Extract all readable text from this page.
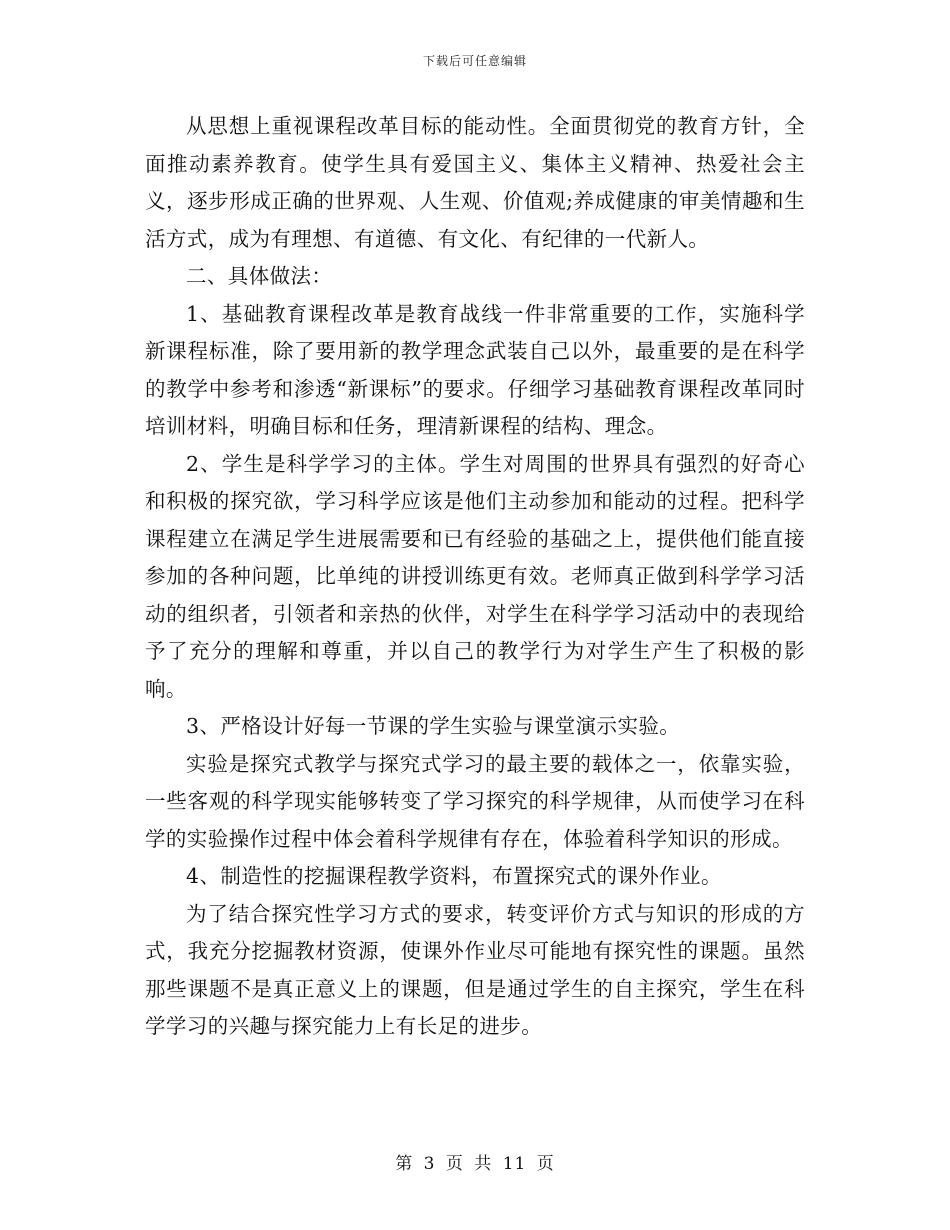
下载后可任意编辑

从思想上重视课程改革目标的能动性。全面贯彻党的教育方针，全面推动素养教育。使学生具有爱国主义、集体主义精神、热爱社会主义，逐步形成正确的世界观、人生观、价值观;养成健康的审美情趣和生活方式，成为有理想、有道德、有文化、有纪律的一代新人。

二、具体做法：

1、基础教育课程改革是教育战线一件非常重要的工作，实施科学新课程标准，除了要用新的教学理念武装自己以外，最重要的是在科学的教学中参考和渗透“新课标”的要求。仔细学习基础教育课程改革同时培训材料，明确目标和任务，理清新课程的结构、理念。

2、学生是科学学习的主体。学生对周围的世界具有强烈的好奇心和积极的探究欲，学习科学应该是他们主动参加和能动的过程。把科学课程建立在满足学生进展需要和已有经验的基础之上，提供他们能直接参加的各种问题，比单纯的讲授训练更有效。老师真正做到科学学习活动的组织者，引领者和亲热的伙伴，对学生在科学学习活动中的表现给予了充分的理解和尊重，并以自己的教学行为对学生产生了积极的影响。

3、严格设计好每一节课的学生实验与课堂演示实验。

实验是探究式教学与探究式学习的最主要的载体之一，依靠实验，一些客观的科学现实能够转变了学习探究的科学规律，从而使学习在科学的实验操作过程中体会着科学规律有存在，体验着科学知识的形成。

4、制造性的挖掘课程教学资料，布置探究式的课外作业。

为了结合探究性学习方式的要求，转变评价方式与知识的形成的方式，我充分挖掘教材资源，使课外作业尽可能地有探究性的课题。虽然那些课题不是真正意义上的课题，但是通过学生的自主探究，学生在科学学习的兴趣与探究能力上有长足的进步。

第 3 页 共 11 页
